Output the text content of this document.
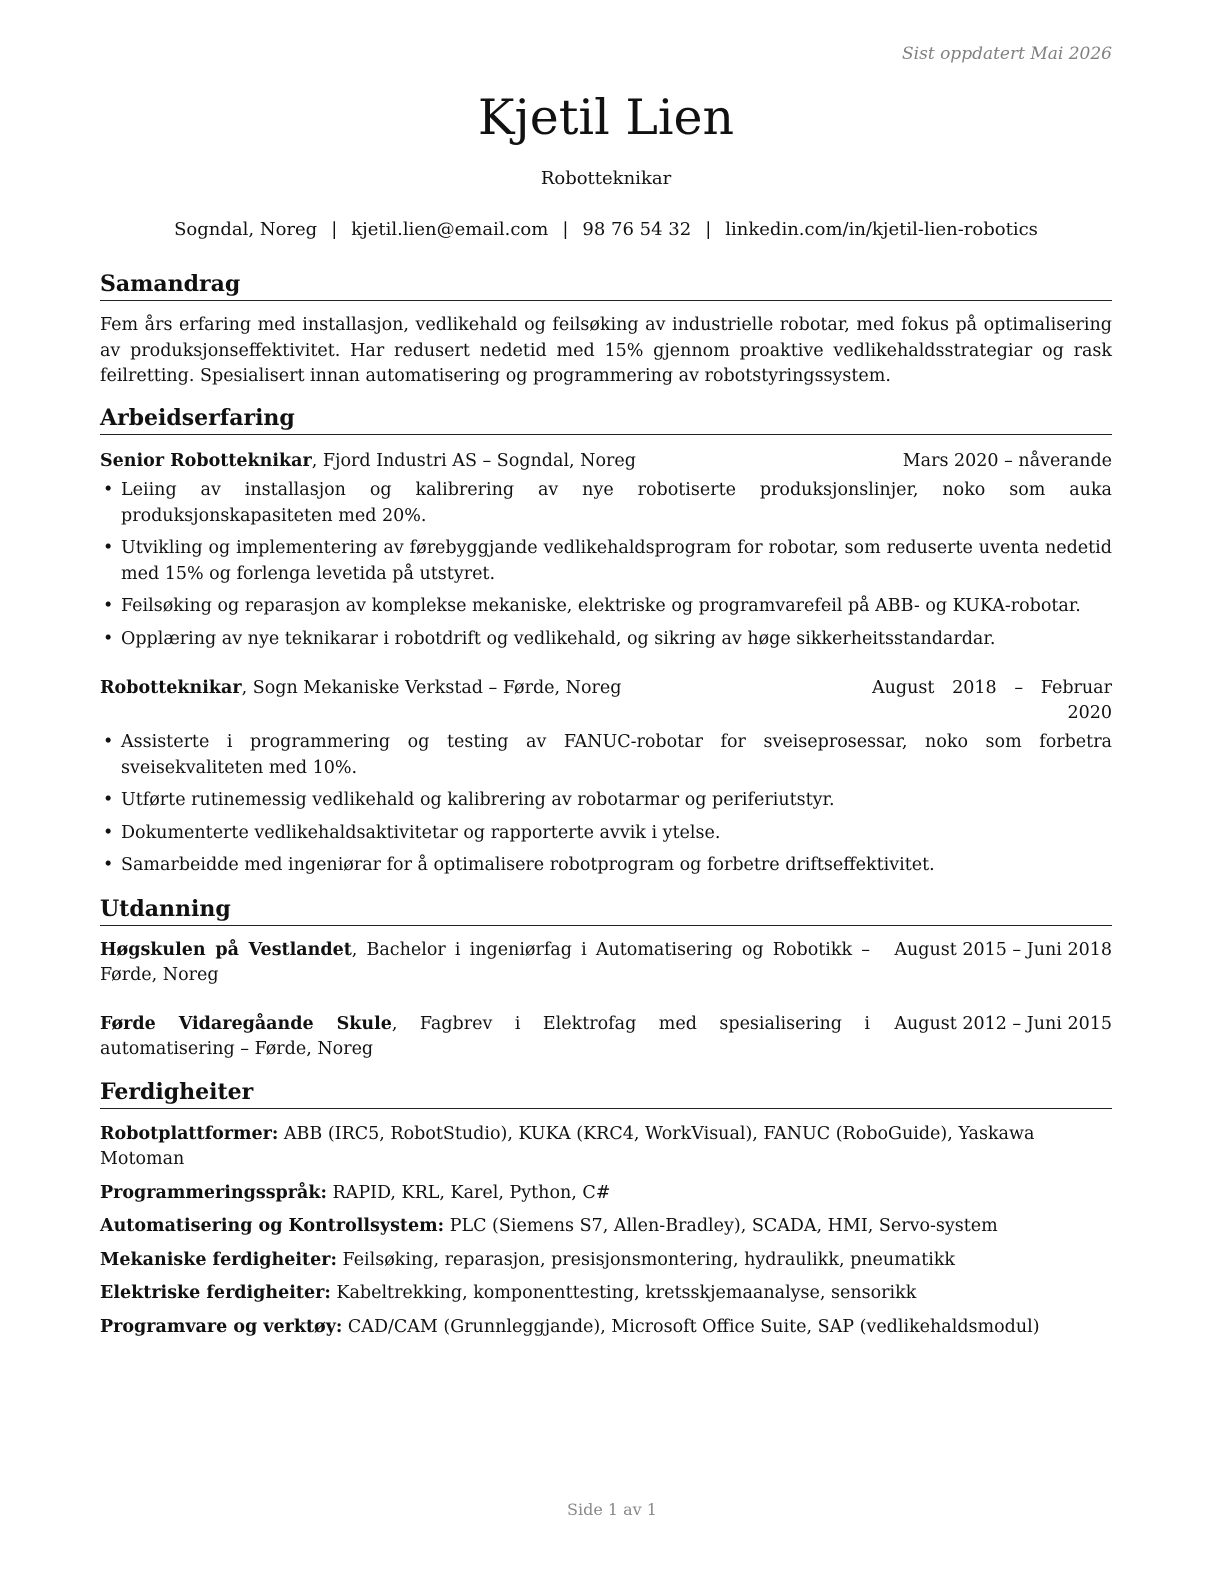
Sist oppdatert Mai 2026
Kjetil Lien
Robotteknikar
Sogndal, Noreg | kjetil.lien@email.com | 98 76 54 32 | linkedin.com/in/kjetil-lien-robotics
Samandrag
Fem års erfaring med installasjon, vedlikehald og feilsøking av industrielle robotar, med fokus på optimalisering av produksjonseffektivitet. Har redusert nedetid med 15% gjennom proaktive vedlikehaldsstrategiar og rask feilretting. Spesialisert innan automatisering og programmering av robotstyringssystem.
Arbeidserfaring
Senior Robotteknikar, Fjord Industri AS – Sogndal, Noreg	Mars 2020 – nåverande
• Leiing av installasjon og kalibrering av nye robotiserte produksjonslinjer, noko som auka produksjonskapasiteten med 20%.
• Utvikling og implementering av førebyggjande vedlikehaldsprogram for robotar, som reduserte uventa nedetid med 15% og forlenga levetida på utstyret.
• Feilsøking og reparasjon av komplekse mekaniske, elektriske og programvarefeil på ABB- og KUKA-robotar.
• Opplæring av nye teknikarar i robotdrift og vedlikehald, og sikring av høge sikkerheitsstandardar.
Robotteknikar, Sogn Mekaniske Verkstad – Førde, Noreg	August 2018 – Februar 2020
• Assisterte i programmering og testing av FANUC-robotar for sveiseprosessar, noko som forbetra sveisekvaliteten med 10%.
• Utførte rutinemessig vedlikehald og kalibrering av robotarmar og periferiutstyr.
• Dokumenterte vedlikehaldsaktivitetar og rapporterte avvik i ytelse.
• Samarbeidde med ingeniørar for å optimalisere robotprogram og forbetre driftseffektivitet.
Utdanning
Høgskulen på Vestlandet, Bachelor i ingeniørfag i Automatisering og Robotikk – Førde, Noreg
August 2015 – Juni 2018
Førde Vidaregåande Skule, Fagbrev i Elektrofag med spesialisering i automatisering – Førde, Noreg
August 2012 – Juni 2015
Ferdigheiter
Robotplattformer: ABB (IRC5, RobotStudio), KUKA (KRC4, WorkVisual), FANUC (RoboGuide), Yaskawa Motoman
Programmeringsspråk: RAPID, KRL, Karel, Python, C#
Automatisering og Kontrollsystem: PLC (Siemens S7, Allen-Bradley), SCADA, HMI, Servo-system
Mekaniske ferdigheiter: Feilsøking, reparasjon, presisjonsmontering, hydraulikk, pneumatikk
Elektriske ferdigheiter: Kabeltrekking, komponenttesting, kretsskjemaanalyse, sensorikk
Programvare og verktøy: CAD/CAM (Grunnleggjande), Microsoft Office Suite, SAP (vedlikehaldsmodul)
Side 1 av 1
